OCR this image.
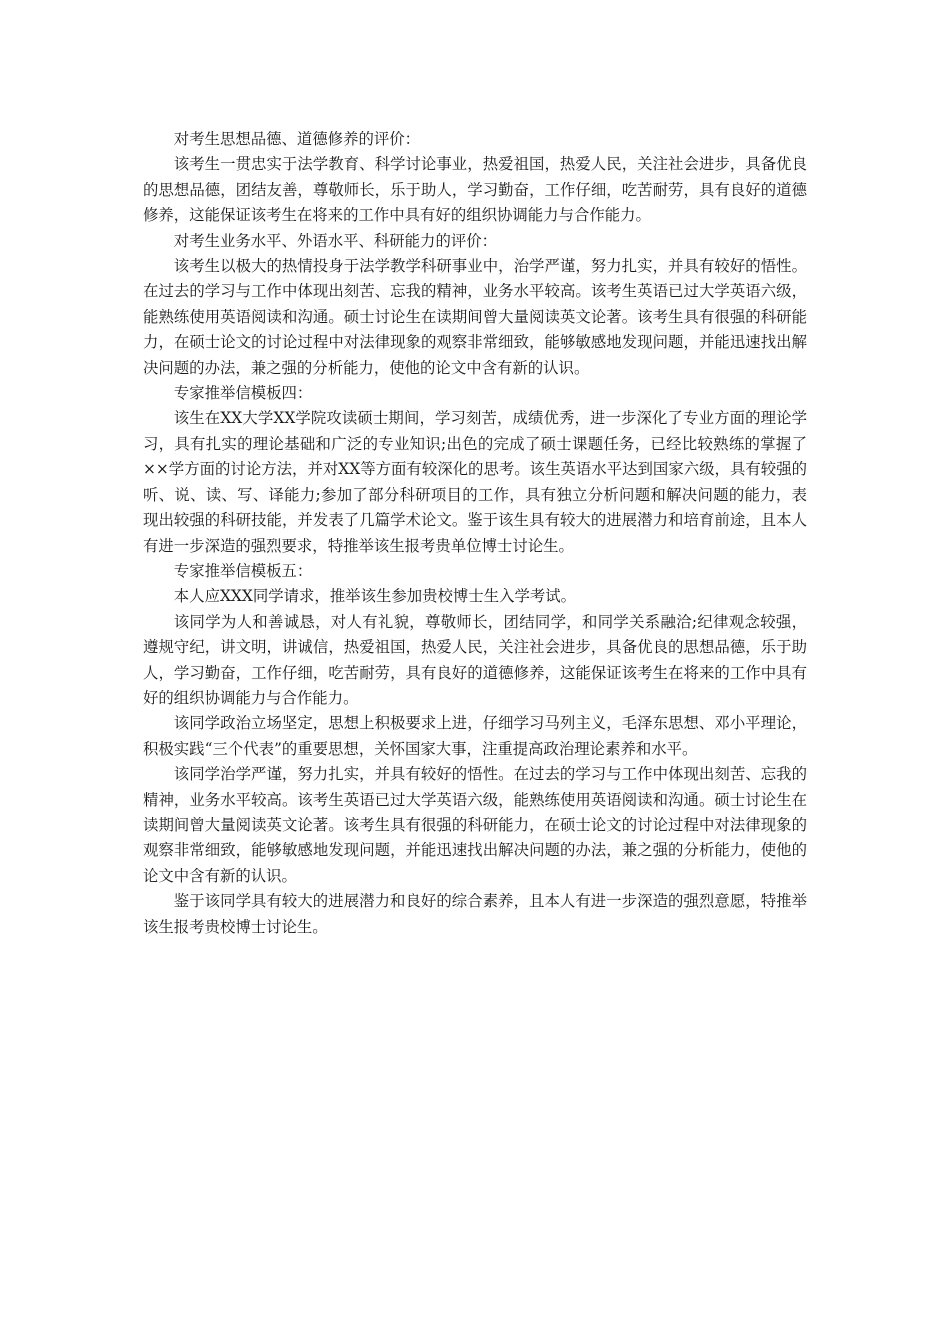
对考生思想品德、道德修养的评价：

该考生一贯忠实于法学教育、科学讨论事业，热爱祖国，热爱人民，关注社会进步，具备优良的思想品德，团结友善，尊敬师长，乐于助人，学习勤奋，工作仔细，吃苦耐劳，具有良好的道德修养，这能保证该考生在将来的工作中具有好的组织协调能力与合作能力。

对考生业务水平、外语水平、科研能力的评价：

该考生以极大的热情投身于法学教学科研事业中，治学严谨，努力扎实，并具有较好的悟性。在过去的学习与工作中体现出刻苦、忘我的精神，业务水平较高。该考生英语已过大学英语六级，能熟练使用英语阅读和沟通。硕士讨论生在读期间曾大量阅读英文论著。该考生具有很强的科研能力，在硕士论文的讨论过程中对法律现象的观察非常细致，能够敏感地发现问题，并能迅速找出解决问题的办法，兼之强的分析能力，使他的论文中含有新的认识。

专家推举信模板四：

该生在XX大学XX学院攻读硕士期间，学习刻苦，成绩优秀，进一步深化了专业方面的理论学习，具有扎实的理论基础和广泛的专业知识;出色的完成了硕士课题任务，已经比较熟练的掌握了××学方面的讨论方法，并对XX等方面有较深化的思考。该生英语水平达到国家六级，具有较强的听、说、读、写、译能力;参加了部分科研项目的工作，具有独立分析问题和解决问题的能力，表现出较强的科研技能，并发表了几篇学术论文。鉴于该生具有较大的进展潜力和培育前途，且本人有进一步深造的强烈要求，特推举该生报考贵单位博士讨论生。

专家推举信模板五：

本人应XXX同学请求，推举该生参加贵校博士生入学考试。

该同学为人和善诚恳，对人有礼貌，尊敬师长，团结同学，和同学关系融洽;纪律观念较强，遵规守纪，讲文明，讲诚信，热爱祖国，热爱人民，关注社会进步，具备优良的思想品德，乐于助人，学习勤奋，工作仔细，吃苦耐劳，具有良好的道德修养，这能保证该考生在将来的工作中具有好的组织协调能力与合作能力。

该同学政治立场坚定，思想上积极要求上进，仔细学习马列主义，毛泽东思想、邓小平理论，积极实践“三个代表”的重要思想，关怀国家大事，注重提高政治理论素养和水平。

该同学治学严谨，努力扎实，并具有较好的悟性。在过去的学习与工作中体现出刻苦、忘我的精神，业务水平较高。该考生英语已过大学英语六级，能熟练使用英语阅读和沟通。硕士讨论生在读期间曾大量阅读英文论著。该考生具有很强的科研能力，在硕士论文的讨论过程中对法律现象的观察非常细致，能够敏感地发现问题，并能迅速找出解决问题的办法，兼之强的分析能力，使他的论文中含有新的认识。

鉴于该同学具有较大的进展潜力和良好的综合素养，且本人有进一步深造的强烈意愿，特推举该生报考贵校博士讨论生。
